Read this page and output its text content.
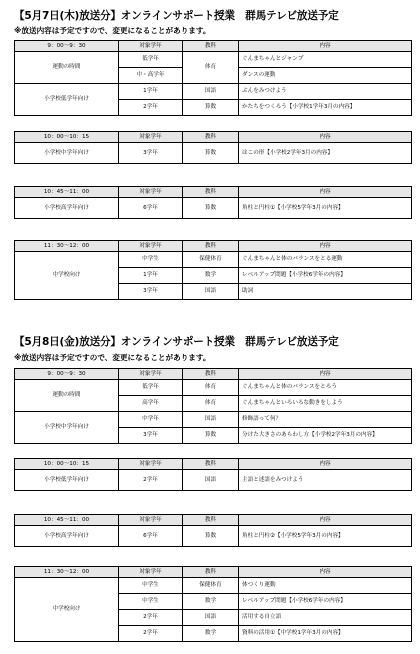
【5月7日(木)放送分】オンラインサポート授業　群馬テレビ放送予定
※放送内容は予定ですので、変更になることがあります。
9：00～9：30	対象学年	教科	内容
運動の時間	低学年	体育	ぐんまちゃんとジャンプ
	中・高学年		ダンスの運動
小学校低学年向け	1学年	国語	ぶんをみつけよう
	2学年	算数	かたちをつくろう【小学校1学年3月の内容】
10：00～10：15	対象学年	教科	内容
小学校中学年向け	3学年	算数	はこの形【小学校2学年3月の内容】
10：45～11：00	対象学年	教科	内容
小学校高学年向け	6学年	算数	角柱と円柱①【小学校5学年3月の内容】
11：30～12：00	対象学年	教科	内容
中学校向け	中学生	保健体育	ぐんまちゃんと体のバランスをとる運動
	1学年	数学	レベルアップ問題【小学校6学年の内容】
	3学年	国語	助詞
【5月8日(金)放送分】オンラインサポート授業　群馬テレビ放送予定
※放送内容は予定ですので、変更になることがあります。
9：00～9：30	対象学年	教科	内容
運動の時間	低学年	体育	ぐんまちゃんと体のバランスをとろう
	高学年	体育	ぐんまちゃんといろいろな動きをしよう
小学校中学年向け	中学年	国語	修飾語って何？
	3学年	算数	分けた大きさのあらわし方【小学校2学年3月の内容】
10：00～10：15	対象学年	教科	内容
小学校低学年向け	2学年	国語	主語と述語をみつけよう
10：45～11：00	対象学年	教科	内容
小学校高学年向け	6学年	算数	角柱と円柱②【小学校5学年3月の内容】
11：30～12：00	対象学年	教科	内容
中学校向け	中学生	保健体育	体つくり運動
	中学生	数学	レベルアップ問題【小学校6学年の内容】
	2学年	国語	活用する自立語
	2学年	数学	資料の活用①【中学校1学年3月の内容】
